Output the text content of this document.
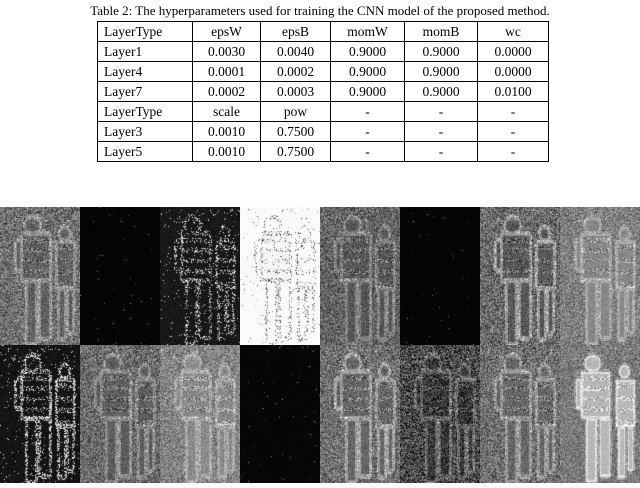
Table 2: The hyperparameters used for training the CNN model of the proposed method.
LayerType	epsW	epsB	momW	momB	wc
Layer1	0.0030	0.0040	0.9000	0.9000	0.0000
Layer4	0.0001	0.0002	0.9000	0.9000	0.0000
Layer7	0.0002	0.0003	0.9000	0.9000	0.0100
LayerType	scale	pow	-	-	-
Layer3	0.0010	0.7500	-	-	-
Layer5	0.0010	0.7500	-	-	-
